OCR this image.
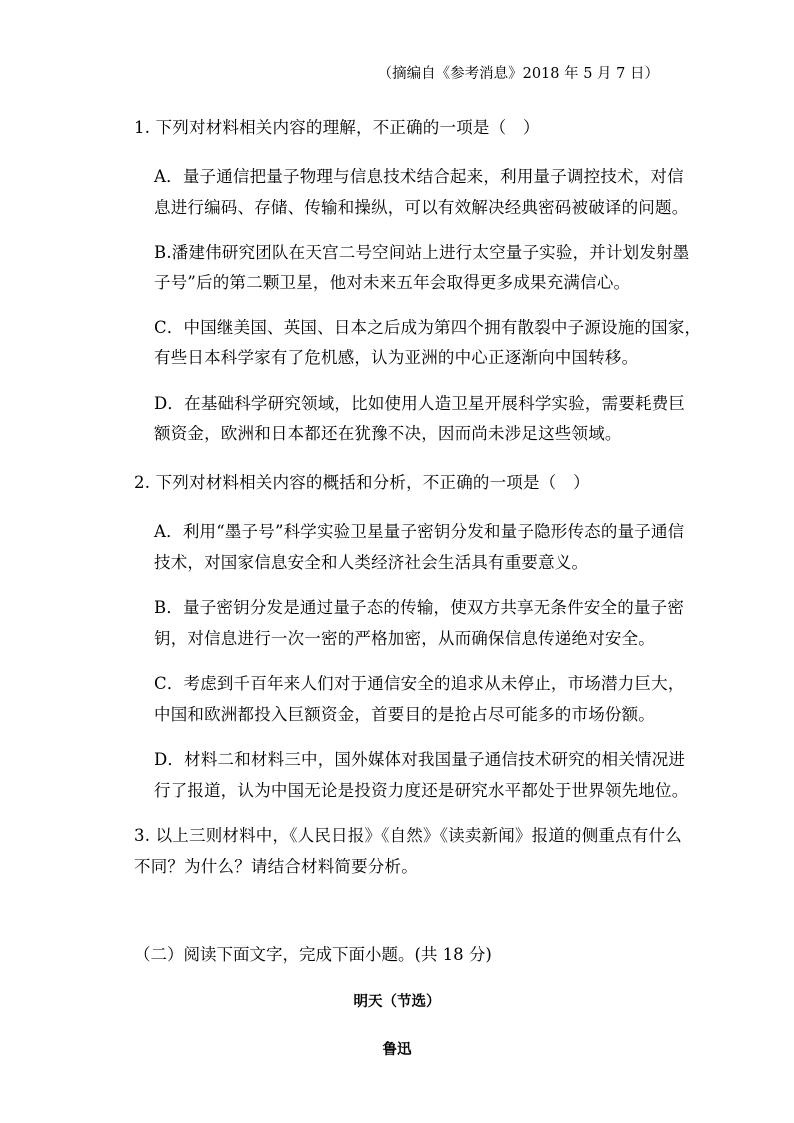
（摘编自《参考消息》2018 年 5 月 7 日）
1. 下列对材料相关内容的理解，不正确的一项是（　）
A．量子通信把量子物理与信息技术结合起来，利用量子调控技术，对信
息进行编码、存储、传输和操纵，可以有效解决经典密码被破译的问题。
B.潘建伟研究团队在天宫二号空间站上进行太空量子实验，并计划发射墨
子号”后的第二颗卫星，他对未来五年会取得更多成果充满信心。
C．中国继美国、英国、日本之后成为第四个拥有散裂中子源设施的国家，
有些日本科学家有了危机感，认为亚洲的中心正逐渐向中国转移。
D．在基础科学研究领域，比如使用人造卫星开展科学实验，需要耗费巨
额资金，欧洲和日本都还在犹豫不决，因而尚未涉足这些领域。
2. 下列对材料相关内容的概括和分析，不正确的一项是（　）
A．利用“墨子号”科学实验卫星量子密钥分发和量子隐形传态的量子通信
技术，对国家信息安全和人类经济社会生活具有重要意义。
B．量子密钥分发是通过量子态的传输，使双方共享无条件安全的量子密
钥，对信息进行一次一密的严格加密，从而确保信息传递绝对安全。
C．考虑到千百年来人们对于通信安全的追求从未停止，市场潜力巨大，
中国和欧洲都投入巨额资金，首要目的是抢占尽可能多的市场份额。
D．材料二和材料三中，国外媒体对我国量子通信技术研究的相关情况进
行了报道，认为中国无论是投资力度还是研究水平都处于世界领先地位。
3. 以上三则材料中，《人民日报》《自然》《读卖新闻》报道的侧重点有什么
不同？为什么？请结合材料简要分析。
（二）阅读下面文字，完成下面小题。(共 18 分)
明天（节选）
鲁迅
